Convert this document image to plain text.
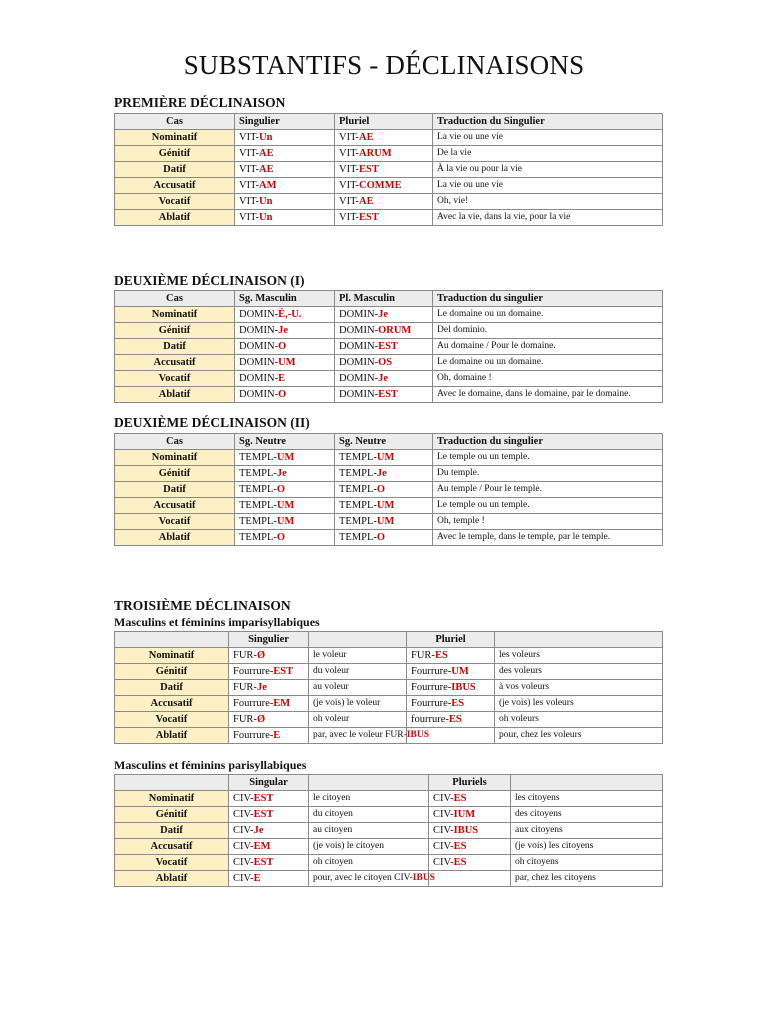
SUBSTANTIFS - DÉCLINAISONS
PREMIÈRE DÉCLINAISON
Cas	Singulier	Pluriel	Traduction du Singulier
Nominatif	VIT-Un	VIT-AE	La vie ou une vie
Génitif	VIT-AE	VIT-ARUM	De la vie
Datif	VIT-AE	VIT-EST	À la vie ou pour la vie
Accusatif	VIT-AM	VIT-COMME	La vie ou une vie
Vocatif	VIT-Un	VIT-AE	Oh, vie!
Ablatif	VIT-Un	VIT-EST	Avec la vie, dans la vie, pour la vie
DEUXIÈME DÉCLINAISON (I)
Cas	Sg. Masculin	Pl. Masculin	Traduction du singulier
Nominatif	DOMIN-É,-U.	DOMIN-Je	Le domaine ou un domaine.
Génitif	DOMIN-Je	DOMIN-ORUM	Del dominio.
Datif	DOMIN-O	DOMIN-EST	Au domaine / Pour le domaine.
Accusatif	DOMIN-UM	DOMIN-OS	Le domaine ou un domaine.
Vocatif	DOMIN-E	DOMIN-Je	Oh, domaine !
Ablatif	DOMIN-O	DOMIN-EST	Avec le domaine, dans le domaine, par le domaine.
DEUXIÈME DÉCLINAISON (II)
Cas	Sg. Neutre	Sg. Neutre	Traduction du singulier
Nominatif	TEMPL-UM	TEMPL-UM	Le temple ou un temple.
Génitif	TEMPL-Je	TEMPL-Je	Du temple.
Datif	TEMPL-O	TEMPL-O	Au temple / Pour le temple.
Accusatif	TEMPL-UM	TEMPL-UM	Le temple ou un temple.
Vocatif	TEMPL-UM	TEMPL-UM	Oh, temple !
Ablatif	TEMPL-O	TEMPL-O	Avec le temple, dans le temple, par le temple.
TROISIÈME DÉCLINAISON
Masculins et féminins imparisyllabiques
	Singulier		Pluriel	
Nominatif	FUR-Ø	le voleur	FUR-ES	les voleurs
Génitif	Fourrure-EST	du voleur	Fourrure-UM	des voleurs
Datif	FUR-Je	au voleur	Fourrure-IBUS	à vos voleurs
Accusatif	Fourrure-EM	(je vois) le voleur	Fourrure-ES	(je vois) les voleurs
Vocatif	FUR-Ø	oh voleur	fourrure-ES	oh voleurs
Ablatif	Fourrure-E	par, avec le voleur FUR-IBUS		pour, chez les voleurs
Masculins et féminins parisyllabiques
	Singular		Pluriels	
Nominatif	CIV-EST	le citoyen	CIV-ES	les citoyens
Génitif	CIV-EST	du citoyen	CIV-IUM	des citoyens
Datif	CIV-Je	au citoyen	CIV-IBUS	aux citoyens
Accusatif	CIV-EM	(je vois) le citoyen	CIV-ES	(je vois) les citoyens
Vocatif	CIV-EST	oh citoyen	CIV-ES	oh citoyens
Ablatif	CIV-E	pour, avec le citoyen CIV-IBUS		par, chez les citoyens
